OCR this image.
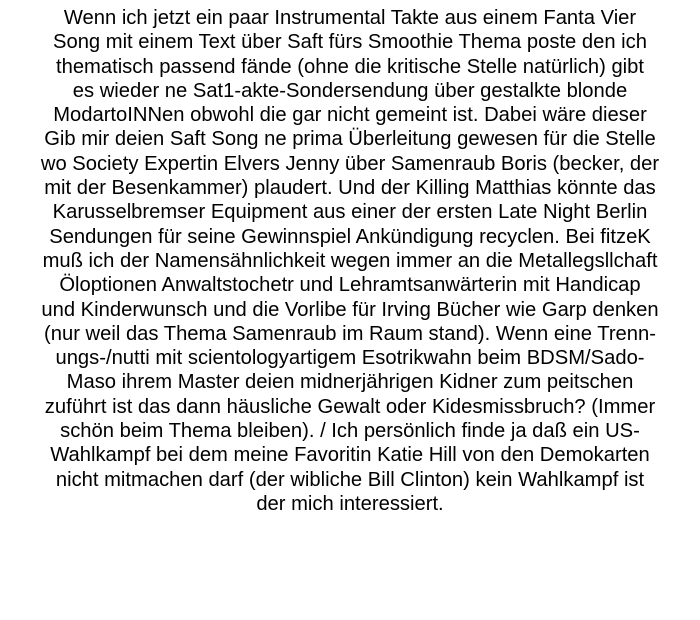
Wenn ich jetzt ein paar Instrumental Takte aus einem Fanta Vier
Song mit einem Text über Saft fürs Smoothie Thema poste den ich
thematisch passend fände (ohne die kritische Stelle natürlich) gibt
es wieder ne Sat1-akte-Sondersendung über gestalkte blonde
ModartoINNen obwohl die gar nicht gemeint ist. Dabei wäre dieser
Gib mir deien Saft Song ne prima Überleitung gewesen für die Stelle
wo Society Expertin Elvers Jenny über Samenraub Boris (becker, der
mit der Besenkammer) plaudert. Und der Killing Matthias könnte das
Karusselbremser Equipment aus einer der ersten Late Night Berlin
Sendungen für seine Gewinnspiel Ankündigung recyclen. Bei fitzeK
muß ich der Namensähnlichkeit wegen immer an die Metallegsllchaft
Öloptionen Anwaltstochetr und Lehramtsanwärterin mit Handicap
und Kinderwunsch und die Vorlibe für Irving Bücher wie Garp denken
(nur weil das Thema Samenraub im Raum stand). Wenn eine Trenn-
ungs-/nutti mit scientologyartigem Esotrikwahn beim BDSM/Sado-
Maso ihrem Master deien midnerjährigen Kidner zum peitschen
zuführt ist das dann häusliche Gewalt oder Kidesmissbruch? (Immer
schön beim Thema bleiben). / Ich persönlich finde ja daß ein US-
Wahlkampf bei dem meine Favoritin Katie Hill von den Demokarten
nicht mitmachen darf (der wibliche Bill Clinton) kein Wahlkampf ist
der mich interessiert.
